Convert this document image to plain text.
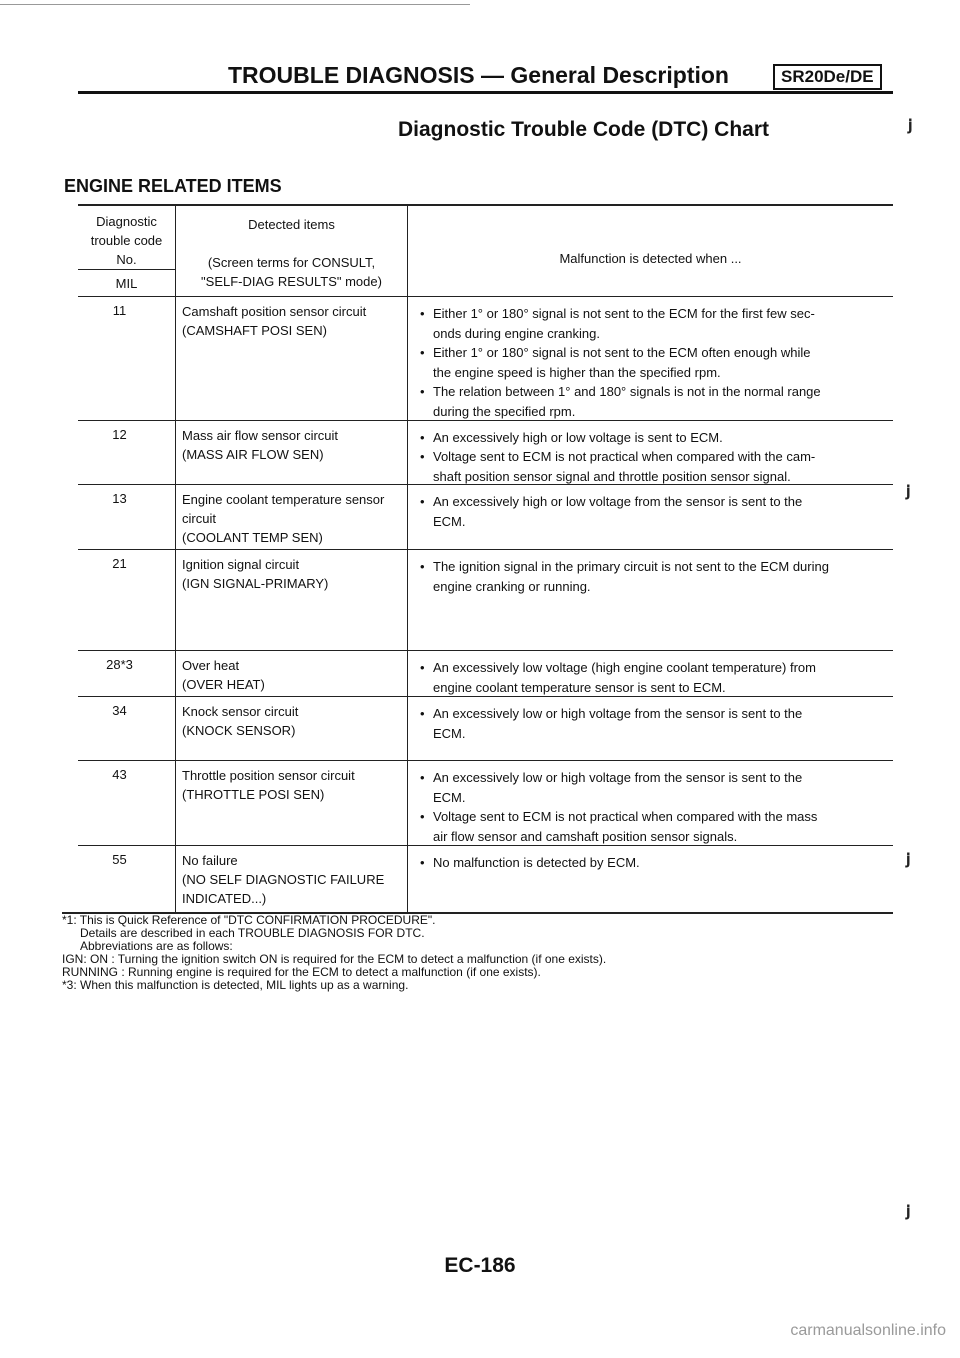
TROUBLE DIAGNOSIS — General Description	SR20De/DE
Diagnostic Trouble Code (DTC) Chart
ENGINE RELATED ITEMS
ⱼ
ⱼ
ⱼ
ⱼ
Diagnostic
trouble code
No.
MIL
Detected items
(Screen terms for CONSULT,
"SELF-DIAG RESULTS" mode)
Malfunction is detected when ...
11	Camshaft position sensor circuit
(CAMSHAFT POSI SEN)
• Either 1° or 180° signal is not sent to the ECM for the first few sec-
onds during engine cranking.
• Either 1° or 180° signal is not sent to the ECM often enough while
the engine speed is higher than the specified rpm.
• The relation between 1° and 180° signals is not in the normal range
during the specified rpm.
12	Mass air flow sensor circuit
(MASS AIR FLOW SEN)
• An excessively high or low voltage is sent to ECM.
• Voltage sent to ECM is not practical when compared with the cam-
shaft position sensor signal and throttle position sensor signal.
13	Engine coolant temperature sensor
circuit
(COOLANT TEMP SEN)
• An excessively high or low voltage from the sensor is sent to the
ECM.
21	Ignition signal circuit
(IGN SIGNAL-PRIMARY)
• The ignition signal in the primary circuit is not sent to the ECM during
engine cranking or running.
28*3	Over heat
(OVER HEAT)
• An excessively low voltage (high engine coolant temperature) from
engine coolant temperature sensor is sent to ECM.
34	Knock sensor circuit
(KNOCK SENSOR)
• An excessively low or high voltage from the sensor is sent to the
ECM.
43	Throttle position sensor circuit
(THROTTLE POSI SEN)
• An excessively low or high voltage from the sensor is sent to the
ECM.
• Voltage sent to ECM is not practical when compared with the mass
air flow sensor and camshaft position sensor signals.
55	No failure
(NO SELF DIAGNOSTIC FAILURE
INDICATED...)
• No malfunction is detected by ECM.
*1: This is Quick Reference of "DTC CONFIRMATION PROCEDURE".
Details are described in each TROUBLE DIAGNOSIS FOR DTC.
Abbreviations are as follows:
IGN: ON : Turning the ignition switch ON is required for the ECM to detect a malfunction (if one exists).
RUNNING : Running engine is required for the ECM to detect a malfunction (if one exists).
*3: When this malfunction is detected, MIL lights up as a warning.
EC-186
carmanualsonline.info
